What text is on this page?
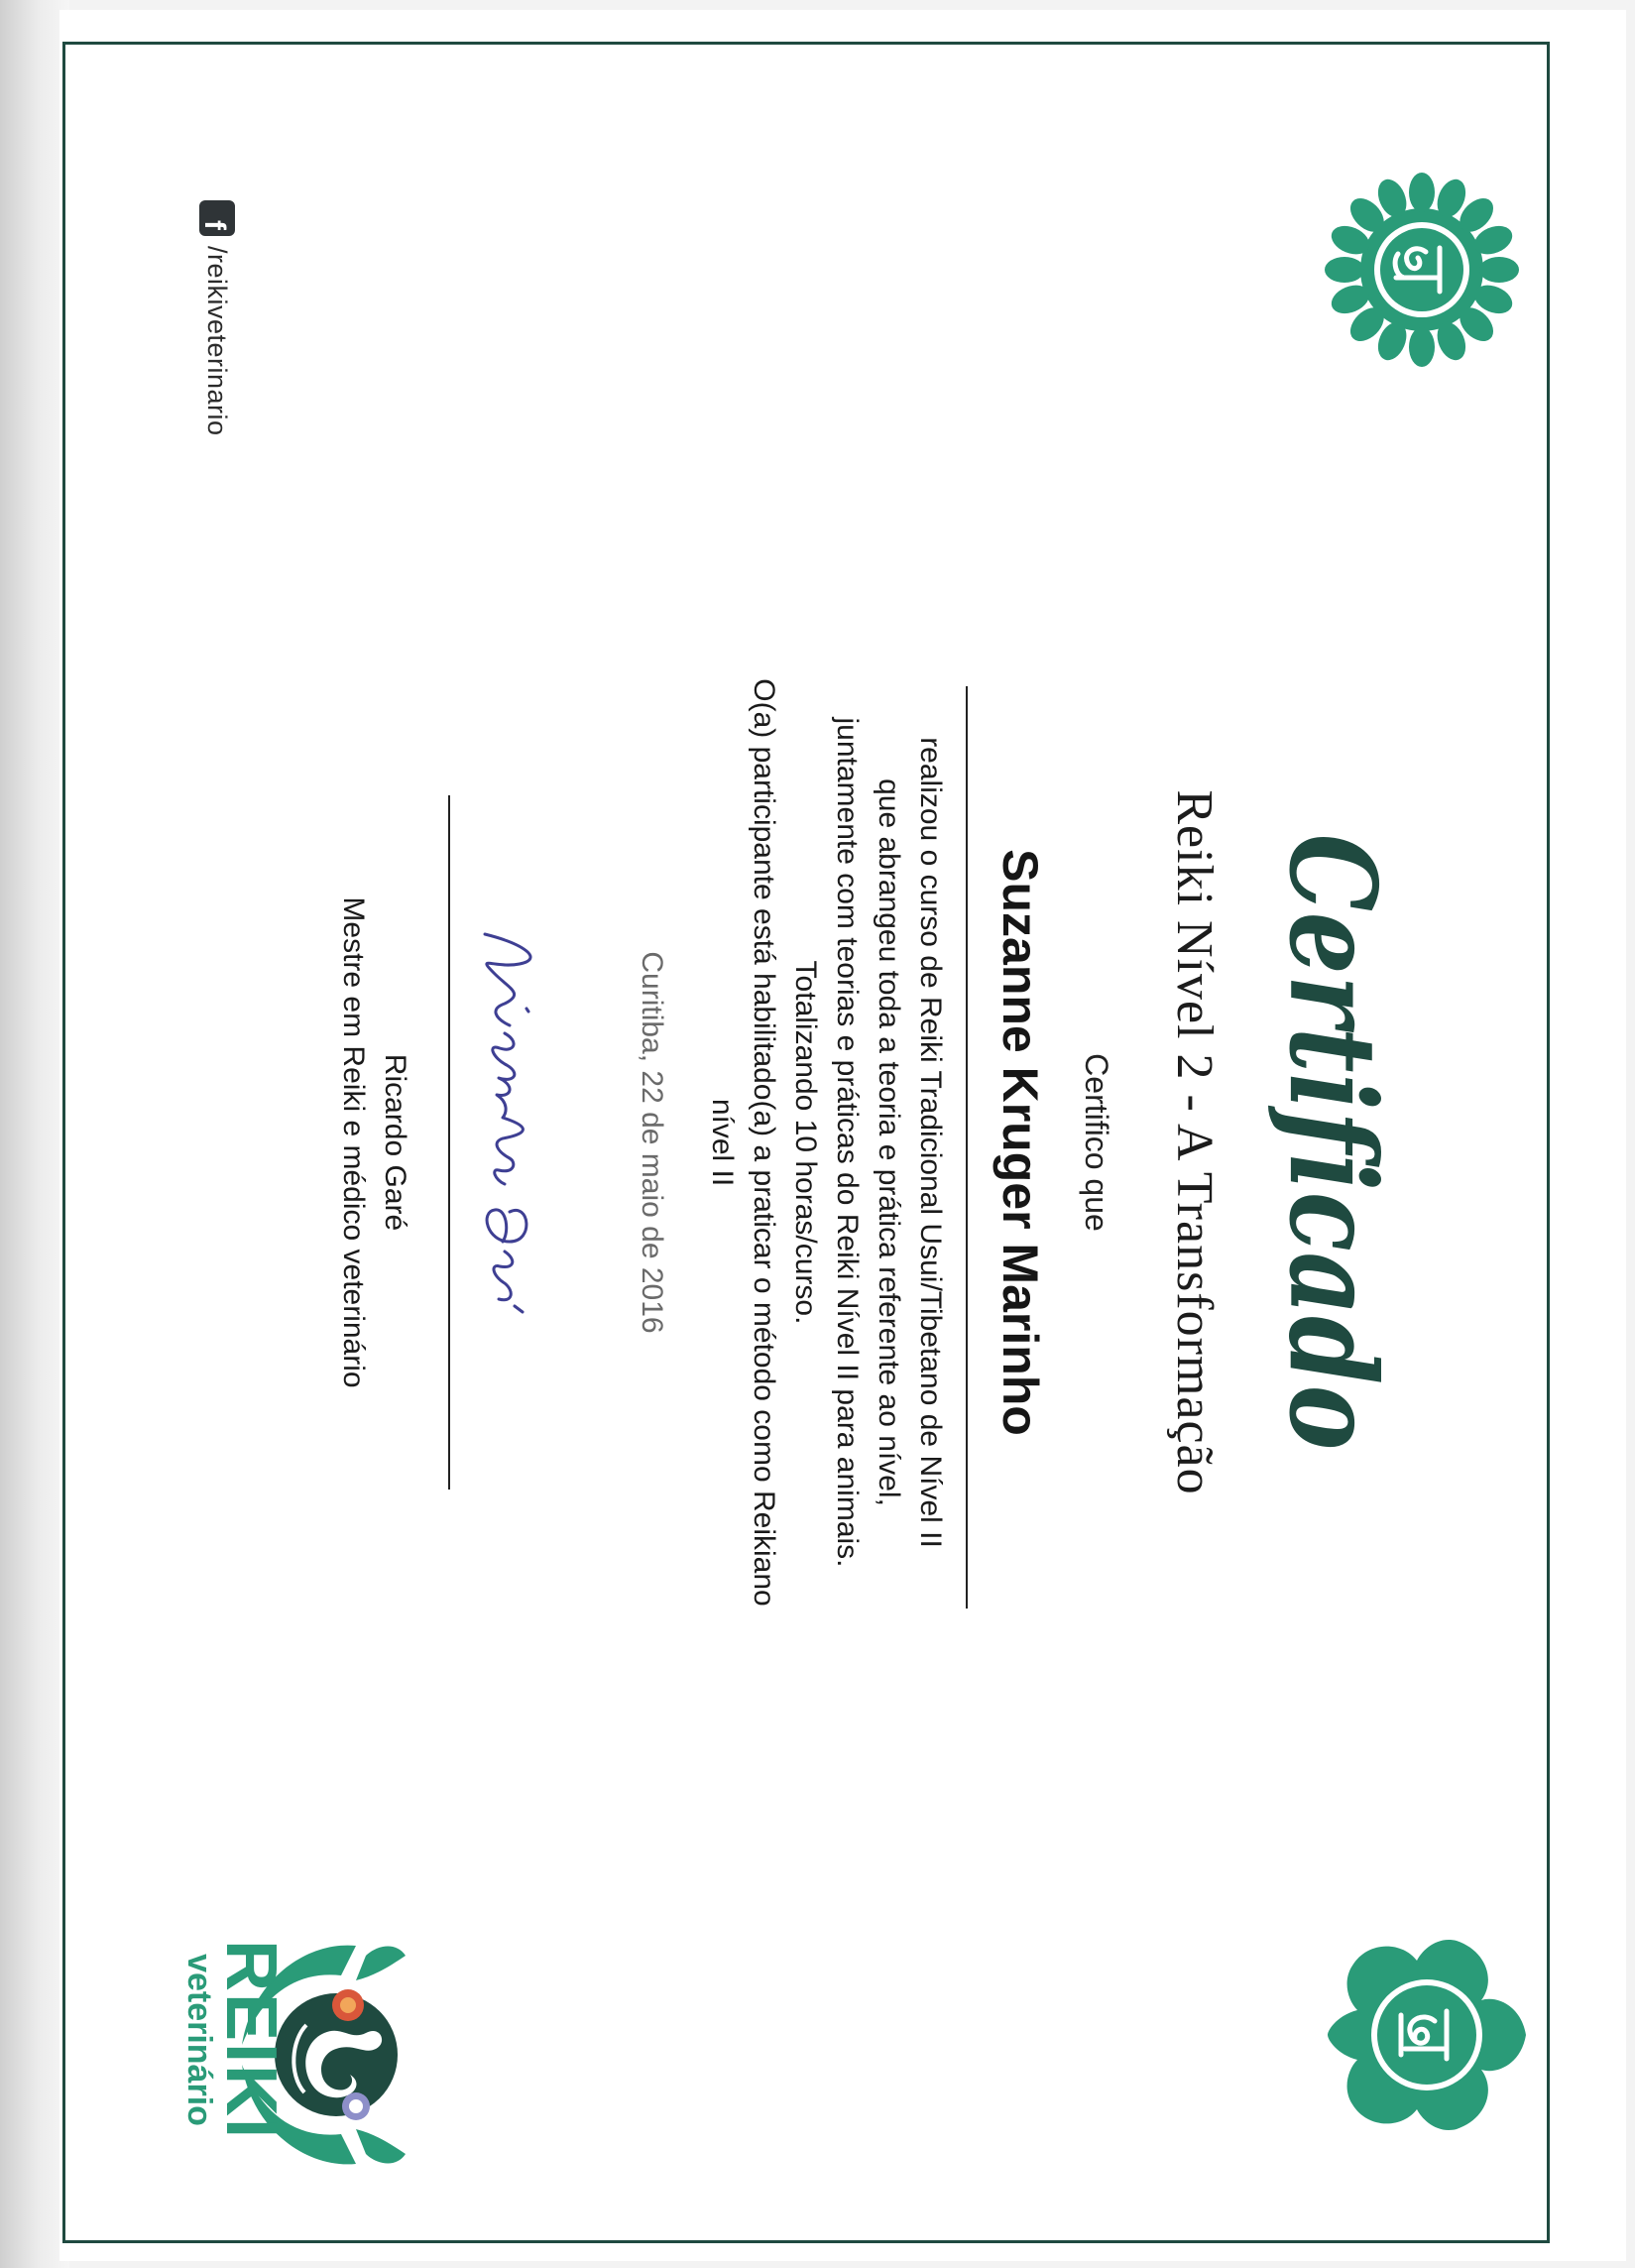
f
/reikiveterinario
Certificado
Reiki Nível 2 - A Transformação
Certifico que
Suzanne Kruger Marinho
realizou o curso de Reiki Tradicional Usui/Tibetano de Nível II
que abrangeu toda a teoria e prática referente ao nível,
juntamente com teorias e práticas do Reiki Nível II para animais.
Totalizando 10 horas/curso.
O(a) participante está habilitado(a) a praticar o método como Reikiano
nível II
Curitiba, 22 de maio de 2016
Ricardo Garé
Mestre em Reiki e médico veterinário
REIKI
veterinário
